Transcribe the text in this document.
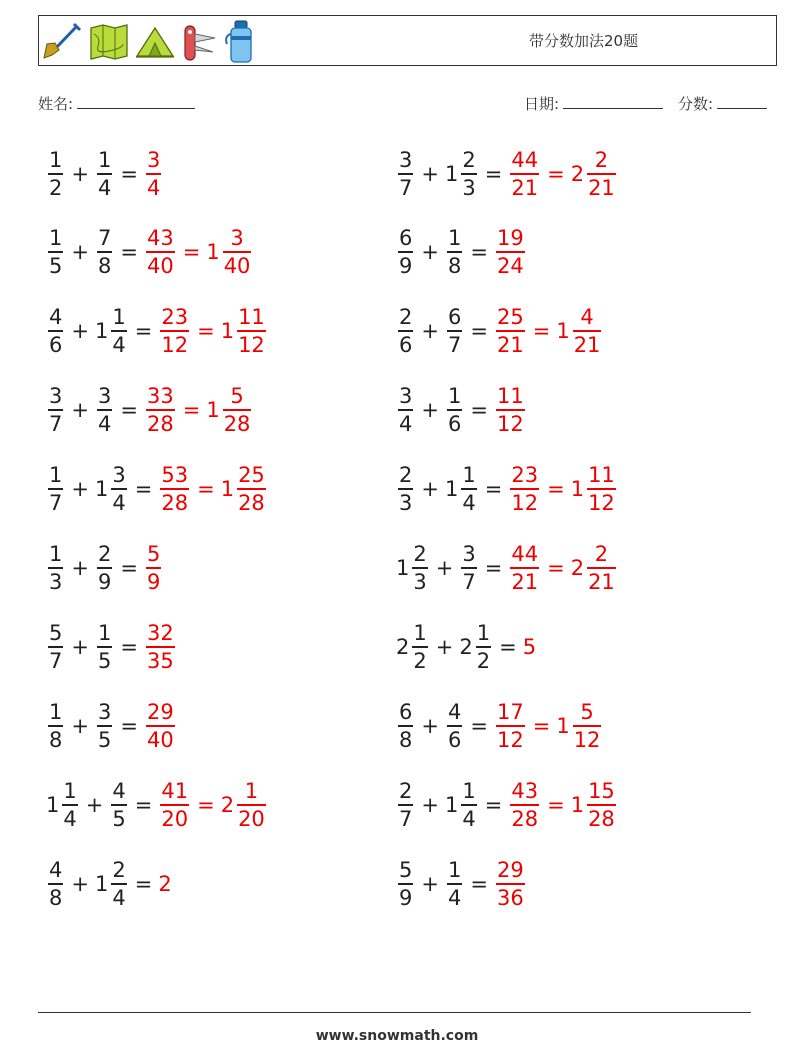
带分数加法20题
姓名:	日期:	分数:
$\frac{1}{2} + \frac{1}{4} = \frac{3}{4}$	$\frac{3}{7} + 1 \frac{2}{3} = \frac{44}{21} = 2 \frac{2}{21}$
$\frac{1}{5} + \frac{7}{8} = \frac{43}{40} = 1 \frac{3}{40}$	$\frac{6}{9} + \frac{1}{8} = \frac{19}{24}$
$\frac{4}{6} + 1 \frac{1}{4} = \frac{23}{12} = 1 \frac{11}{12}$	$\frac{2}{6} + \frac{6}{7} = \frac{25}{21} = 1 \frac{4}{21}$
$\frac{3}{7} + \frac{3}{4} = \frac{33}{28} = 1 \frac{5}{28}$	$\frac{3}{4} + \frac{1}{6} = \frac{11}{12}$
$\frac{1}{7} + 1 \frac{3}{4} = \frac{53}{28} = 1 \frac{25}{28}$	$\frac{2}{3} + 1 \frac{1}{4} = \frac{23}{12} = 1 \frac{11}{12}$
$\frac{1}{3} + \frac{2}{9} = \frac{5}{9}$	$1 \frac{2}{3} + \frac{3}{7} = \frac{44}{21} = 2 \frac{2}{21}$
$\frac{5}{7} + \frac{1}{5} = \frac{32}{35}$	$2 \frac{1}{2} + 2 \frac{1}{2} = 5$
$\frac{1}{8} + \frac{3}{5} = \frac{29}{40}$	$\frac{6}{8} + \frac{4}{6} = \frac{17}{12} = 1 \frac{5}{12}$
$1 \frac{1}{4} + \frac{4}{5} = \frac{41}{20} = 2 \frac{1}{20}$	$\frac{2}{7} + 1 \frac{1}{4} = \frac{43}{28} = 1 \frac{15}{28}$
$\frac{4}{8} + 1 \frac{2}{4} = 2$	$\frac{5}{9} + \frac{1}{4} = \frac{29}{36}$
www.snowmath.com
